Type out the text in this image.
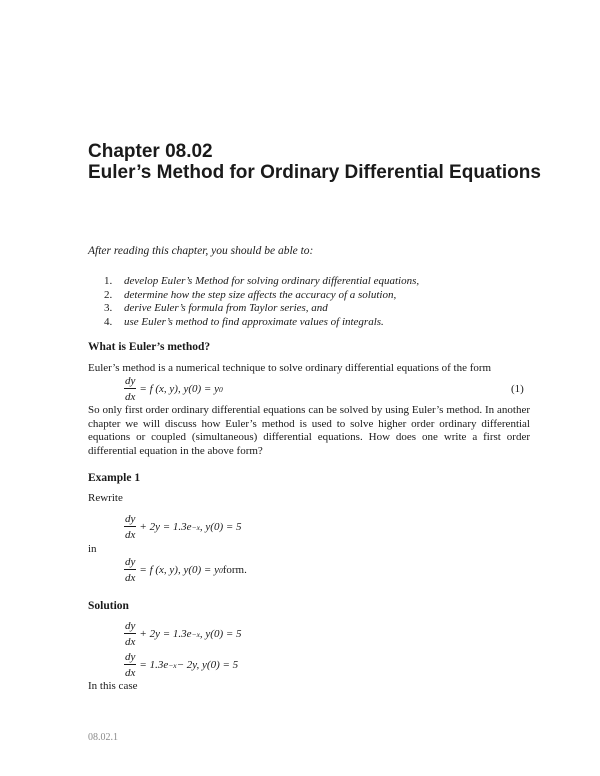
Chapter 08.02
Euler’s Method for Ordinary Differential Equations
After reading this chapter, you should be able to:
1.	develop Euler’s Method for solving ordinary differential equations,
2.	determine how the step size affects the accuracy of a solution,
3.	derive Euler’s formula from Taylor series, and
4.	use Euler’s method to find approximate values of integrals.
What is Euler’s method?
Euler’s method is a numerical technique to solve ordinary differential equations of the form
$\frac{dy}{dx} = f$ (x, y), y(0) = y 0	(1)
So only first order ordinary differential equations can be solved by using Euler’s method. In another chapter we will discuss how Euler’s method is used to solve higher order ordinary differential equations or coupled (simultaneous) differential equations. How does one write a first order differential equation in the above form?
Example 1
Rewrite
$\frac{dy}{dx} + 2y = 1.3e -x$ , y(0) = 5
in
$\frac{dy}{dx} = f$ (x, y), y(0) = y 0 form.
Solution
$\frac{dy}{dx} + 2y = 1.3e -x$ , y(0) = 5
$\frac{dy}{dx} = 1.3e -x - 2y$, y(0) = 5
In this case
08.02.1
